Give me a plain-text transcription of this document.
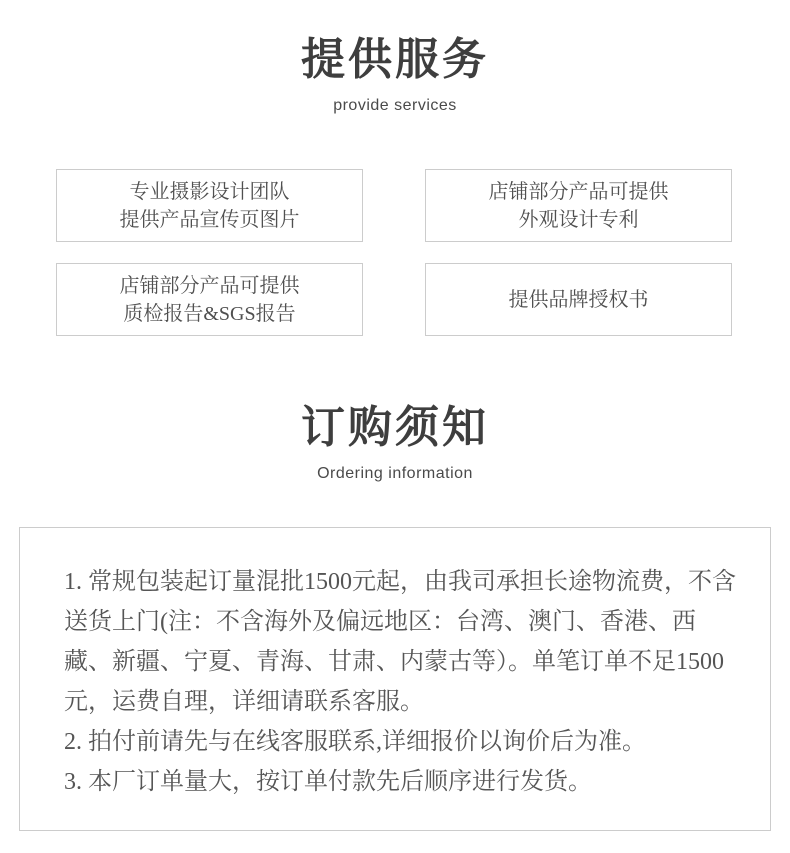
提供服务
provide services
专业摄影设计团队
提供产品宣传页图片
店铺部分产品可提供
外观设计专利
店铺部分产品可提供
质检报告&SGS报告
提供品牌授权书
订购须知
Ordering information

1. 常规包装起订量混批1500元起，由我司承担长途物流费，不含送货上门(注：不含海外及偏远地区：台湾、澳门、香港、西藏、新疆、宁夏、青海、甘肃、内蒙古等）。单笔订单不足1500元，运费自理，详细请联系客服。

2. 拍付前请先与在线客服联系,详细报价以询价后为准。

3. 本厂订单量大，按订单付款先后顺序进行发货。
